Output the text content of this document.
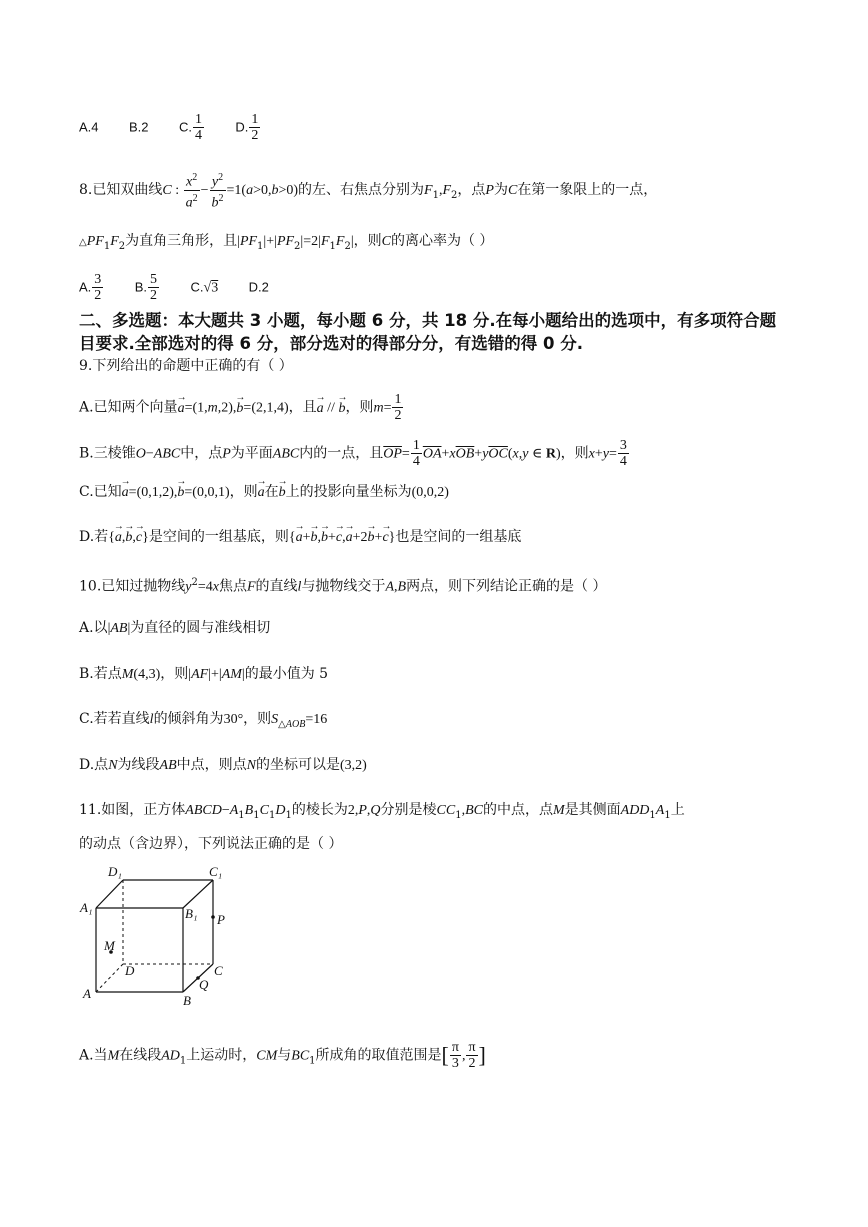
A.4 B.2 C. $\frac{1}{4} D$. $\frac{1}{2}$
8.已知双曲线C : $\frac{x^2}{a^2} - \frac{y^2}{b^2} =1(a>0,b>0)$的左、右焦点分别为$F_1,F_2$，点P为C在第一象限上的一点，
$\triangle PF_1F_2$为直角三角形，且$|PF_1|+|PF_2|=2|F_1F_2|$，则C的离心率为（ ）
A. $\frac{3}{2} B$. $\frac{5}{2} C.√3$ D.2
二、多选题：本大题共 3 小题，每小题 6 分，共 18 分.在每小题给出的选项中，有多项符合题
目要求.全部选对的得 6 分，部分选对的得部分分，有选错的得 0 分.
9.下列给出的命题中正确的有（ ）
A.已知两个向量→ a=(1,m,2),→ b=(2,1,4)，且→ a // → b，则$m= \frac{1}{2}$
B.三棱锥O−ABC中，点P为平面ABC内的一点，且$\overline{OP}= \frac{1}{4} \overline{OA}+x\overline{OB}+y\overline{OC}(x,y$ ∈ R)，则$x+y= \frac{3}{4}$
C.已知→ a=(0,1,2),→ b=(0,0,1)，则→ a在→ b上的投影向量坐标为(0,0,2)
D.若{→ a,→ b,→ c}是空间的一组基底，则{→ a+→ b,→ b+→ c,→ a+2→ b+→ c}也是空间的一组基底
10.已知过抛物线$y^2=4x$焦点F的直线l与抛物线交于A,B两点，则下列结论正确的是（ ）
A.以|AB|为直径的圆与准线相切
B.若点M(4,3)，则|AF|+|AM|的最小值为 5
C.若若直线l的倾斜角为30°，则$S_{\triangle AOB}=16$
D.点N为线段AB中点，则点N的坐标可以是(3,2)
11.如图，正方体$ABCD-A_1B_1C_1D_1$的棱长为2,P,Q分别是棱$CC_1,BC$的中点，点M是其侧面$ADD_1A_1$上
的动点（含边界），下列说法正确的是（ ）
D₁	C₁
A₁	B₁ P
M
D	C
Q
A	B
A.当M在线段$AD_1$上运动时，CM与$BC_1$所成角的取值范围是[ $\frac{\pi}{3}$ , $\frac{\pi}{2}$ ]
